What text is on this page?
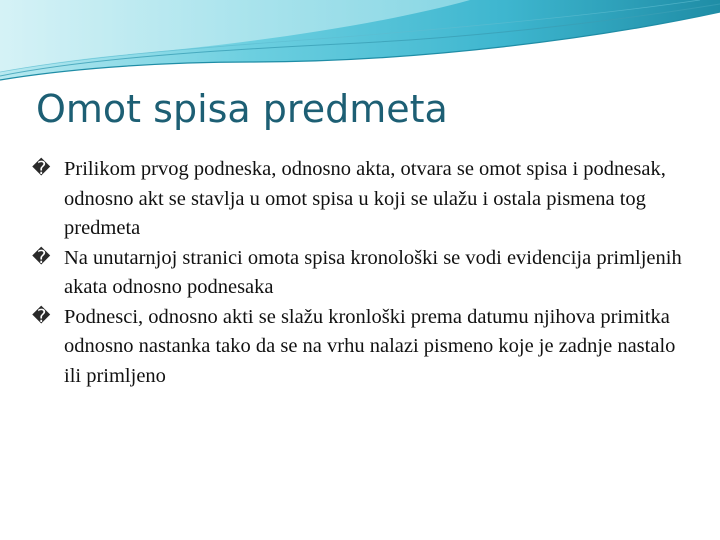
Omot spisa predmeta
� Prilikom prvog podneska, odnosno akta, otvara se omot spisa i podnesak, odnosno akt se stavlja u omot spisa u koji se ulažu i ostala pismena tog predmeta
� Na unutarnjoj stranici omota spisa kronološki se vodi evidencija primljenih akata odnosno podnesaka
� Podnesci, odnosno akti se slažu kronloški prema datumu njihova primitka odnosno nastanka tako da se na vrhu nalazi pismeno koje je zadnje nastalo ili primljeno
